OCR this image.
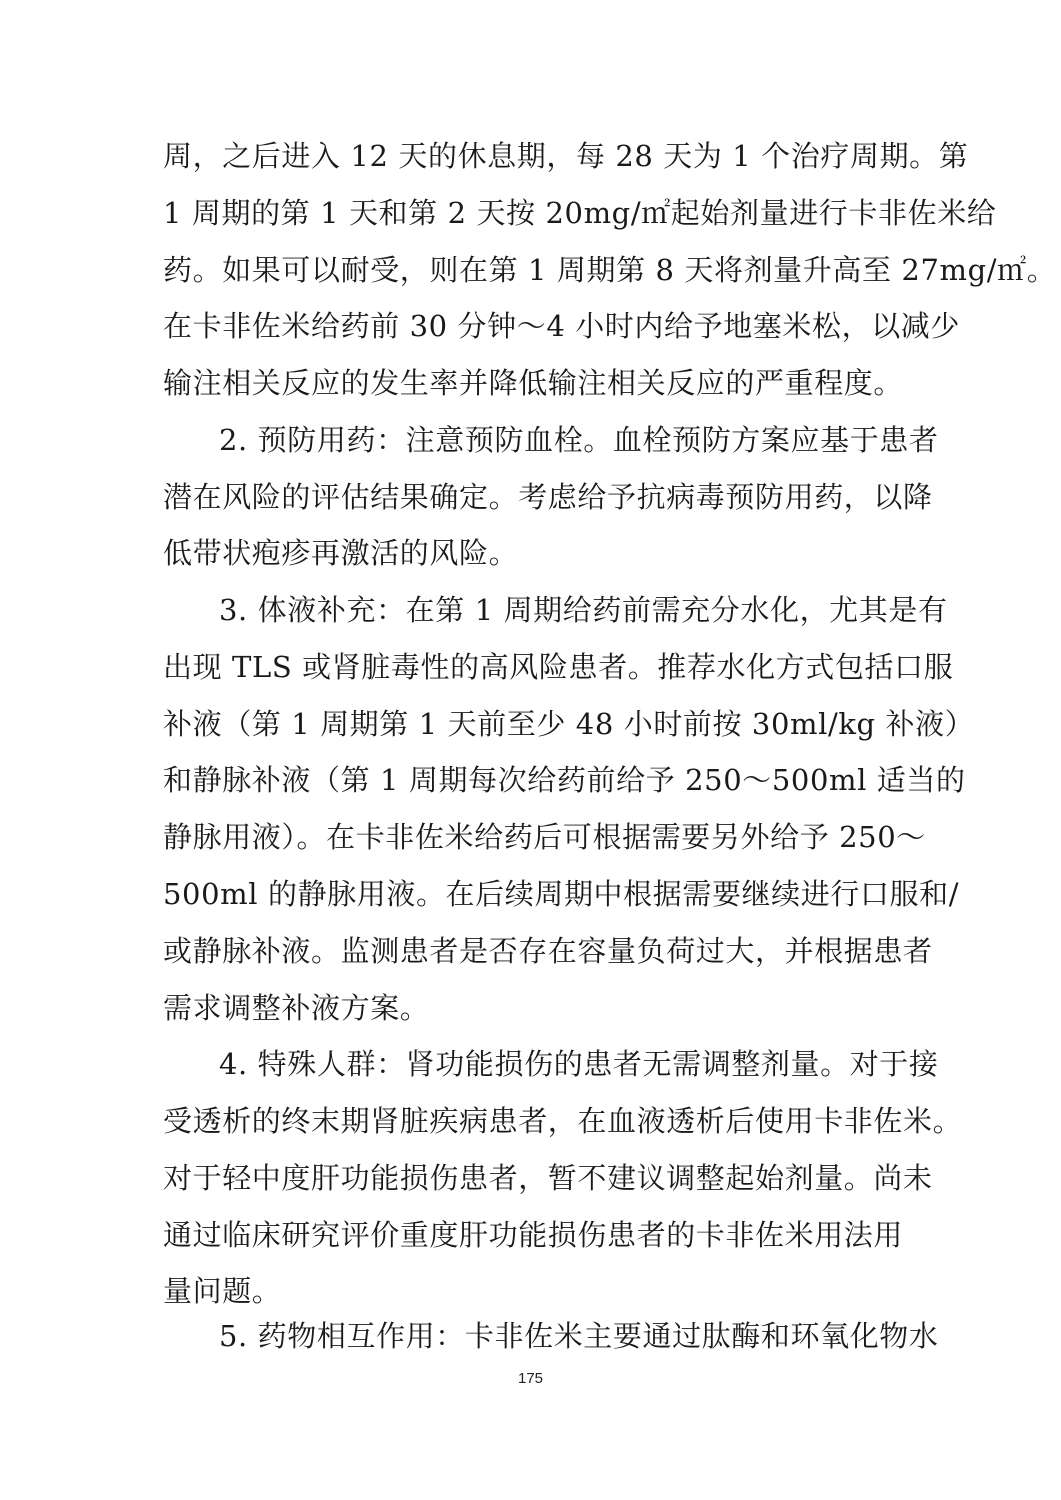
周，之后进入 12 天的休息期，每 28 天为 1 个治疗周期。第
1 周期的第 1 天和第 2 天按 20mg/㎡起始剂量进行卡非佐米给
药。如果可以耐受，则在第 1 周期第 8 天将剂量升高至 27mg/㎡。
在卡非佐米给药前 30 分钟～4 小时内给予地塞米松，以减少
输注相关反应的发生率并降低输注相关反应的严重程度。
2. 预防用药：注意预防血栓。血栓预防方案应基于患者
潜在风险的评估结果确定。考虑给予抗病毒预防用药，以降
低带状疱疹再激活的风险。
3. 体液补充：在第 1 周期给药前需充分水化，尤其是有
出现 TLS 或肾脏毒性的高风险患者。推荐水化方式包括口服
补液（第 1 周期第 1 天前至少 48 小时前按 30ml/kg 补液）
和静脉补液（第 1 周期每次给药前给予 250～500ml 适当的
静脉用液）。在卡非佐米给药后可根据需要另外给予 250～
500ml 的静脉用液。在后续周期中根据需要继续进行口服和/
或静脉补液。监测患者是否存在容量负荷过大，并根据患者
需求调整补液方案。
4. 特殊人群：肾功能损伤的患者无需调整剂量。对于接
受透析的终末期肾脏疾病患者，在血液透析后使用卡非佐米。
对于轻中度肝功能损伤患者，暂不建议调整起始剂量。尚未
通过临床研究评价重度肝功能损伤患者的卡非佐米用法用
量问题。
5. 药物相互作用：卡非佐米主要通过肽酶和环氧化物水
175
